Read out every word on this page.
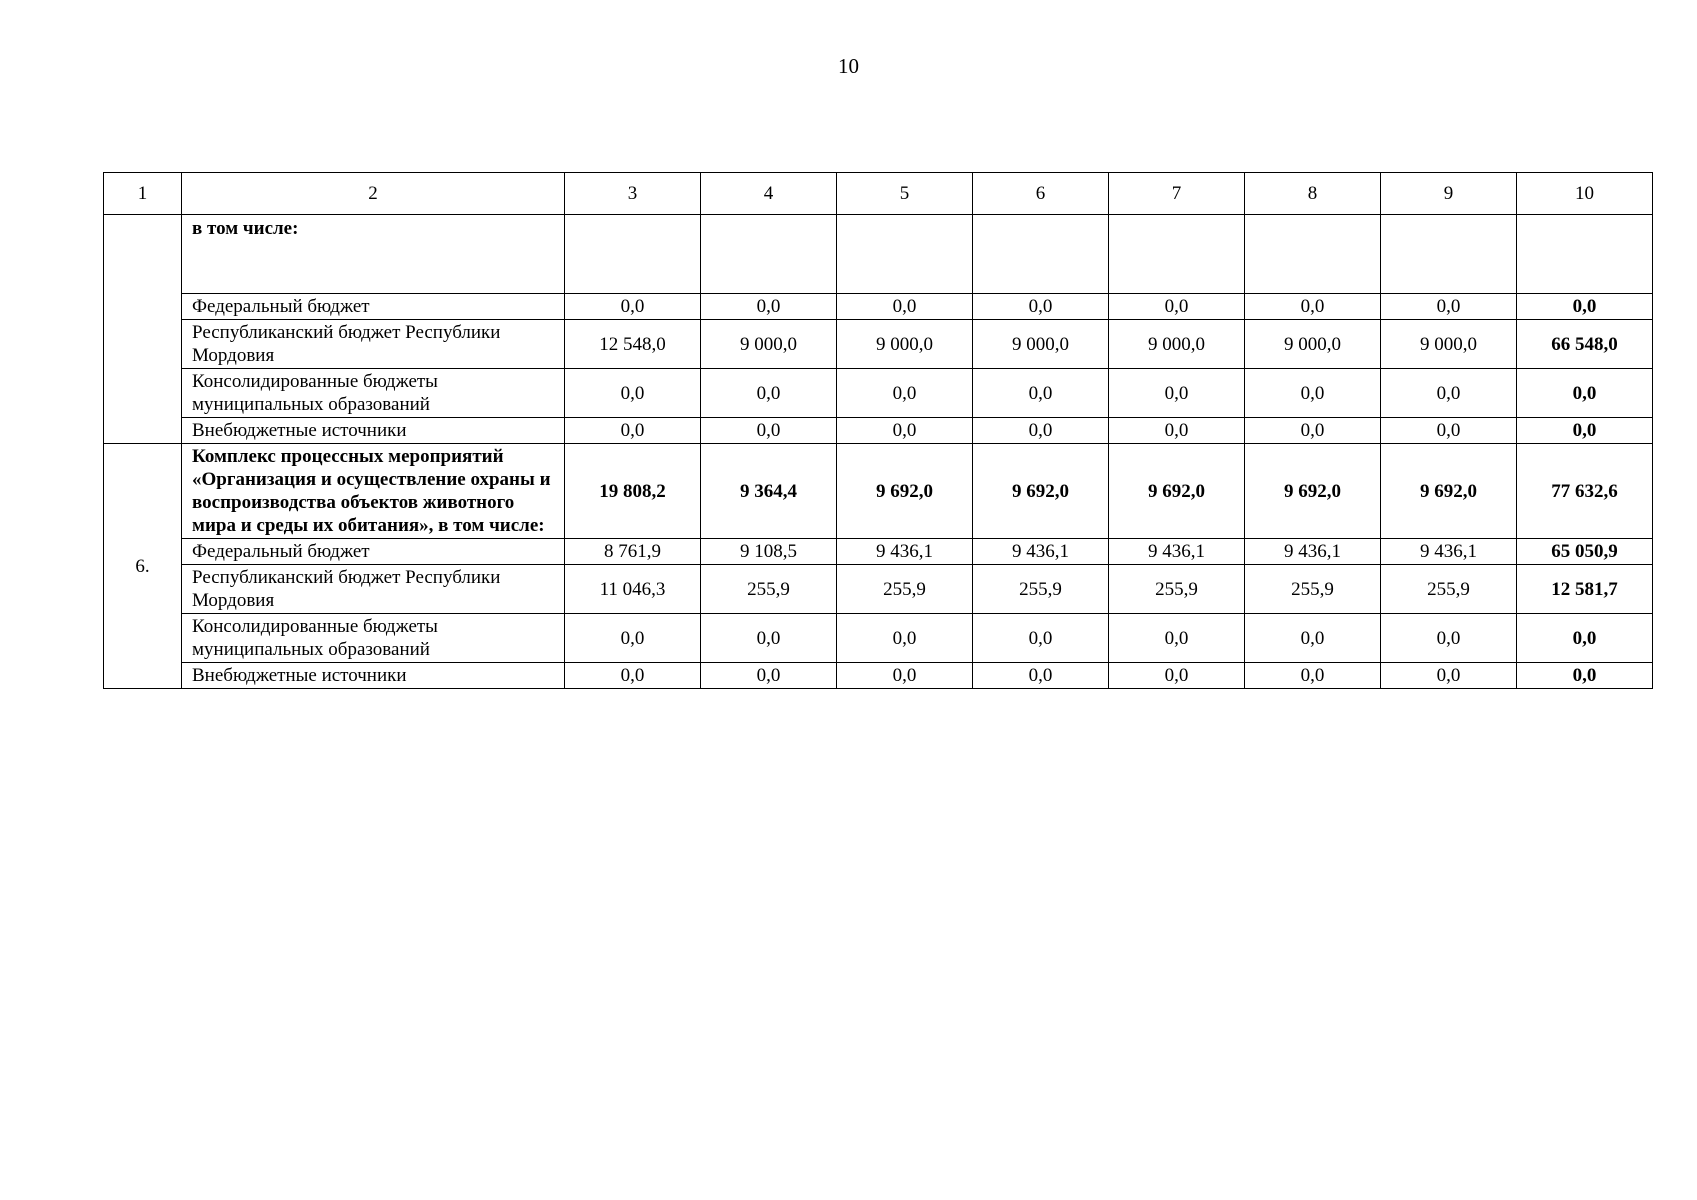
10
1	2	3	4	5	6	7	8	9	10
	в том числе:								
	Федеральный бюджет	0,0	0,0	0,0	0,0	0,0	0,0	0,0	0,0
	Республиканский бюджет Республики Мордовия	12 548,0	9 000,0	9 000,0	9 000,0	9 000,0	9 000,0	9 000,0	66 548,0
	Консолидированные бюджеты муниципальных образований	0,0	0,0	0,0	0,0	0,0	0,0	0,0	0,0
	Внебюджетные источники	0,0	0,0	0,0	0,0	0,0	0,0	0,0	0,0
6.	Комплекс процессных мероприятий «Организация и осуществление охраны и воспроизводства объектов животного мира и среды их обитания», в том числе:	19 808,2	9 364,4	9 692,0	9 692,0	9 692,0	9 692,0	9 692,0	77 632,6
	Федеральный бюджет	8 761,9	9 108,5	9 436,1	9 436,1	9 436,1	9 436,1	9 436,1	65 050,9
	Республиканский бюджет Республики Мордовия	11 046,3	255,9	255,9	255,9	255,9	255,9	255,9	12 581,7
	Консолидированные бюджеты муниципальных образований	0,0	0,0	0,0	0,0	0,0	0,0	0,0	0,0
	Внебюджетные источники	0,0	0,0	0,0	0,0	0,0	0,0	0,0	0,0
